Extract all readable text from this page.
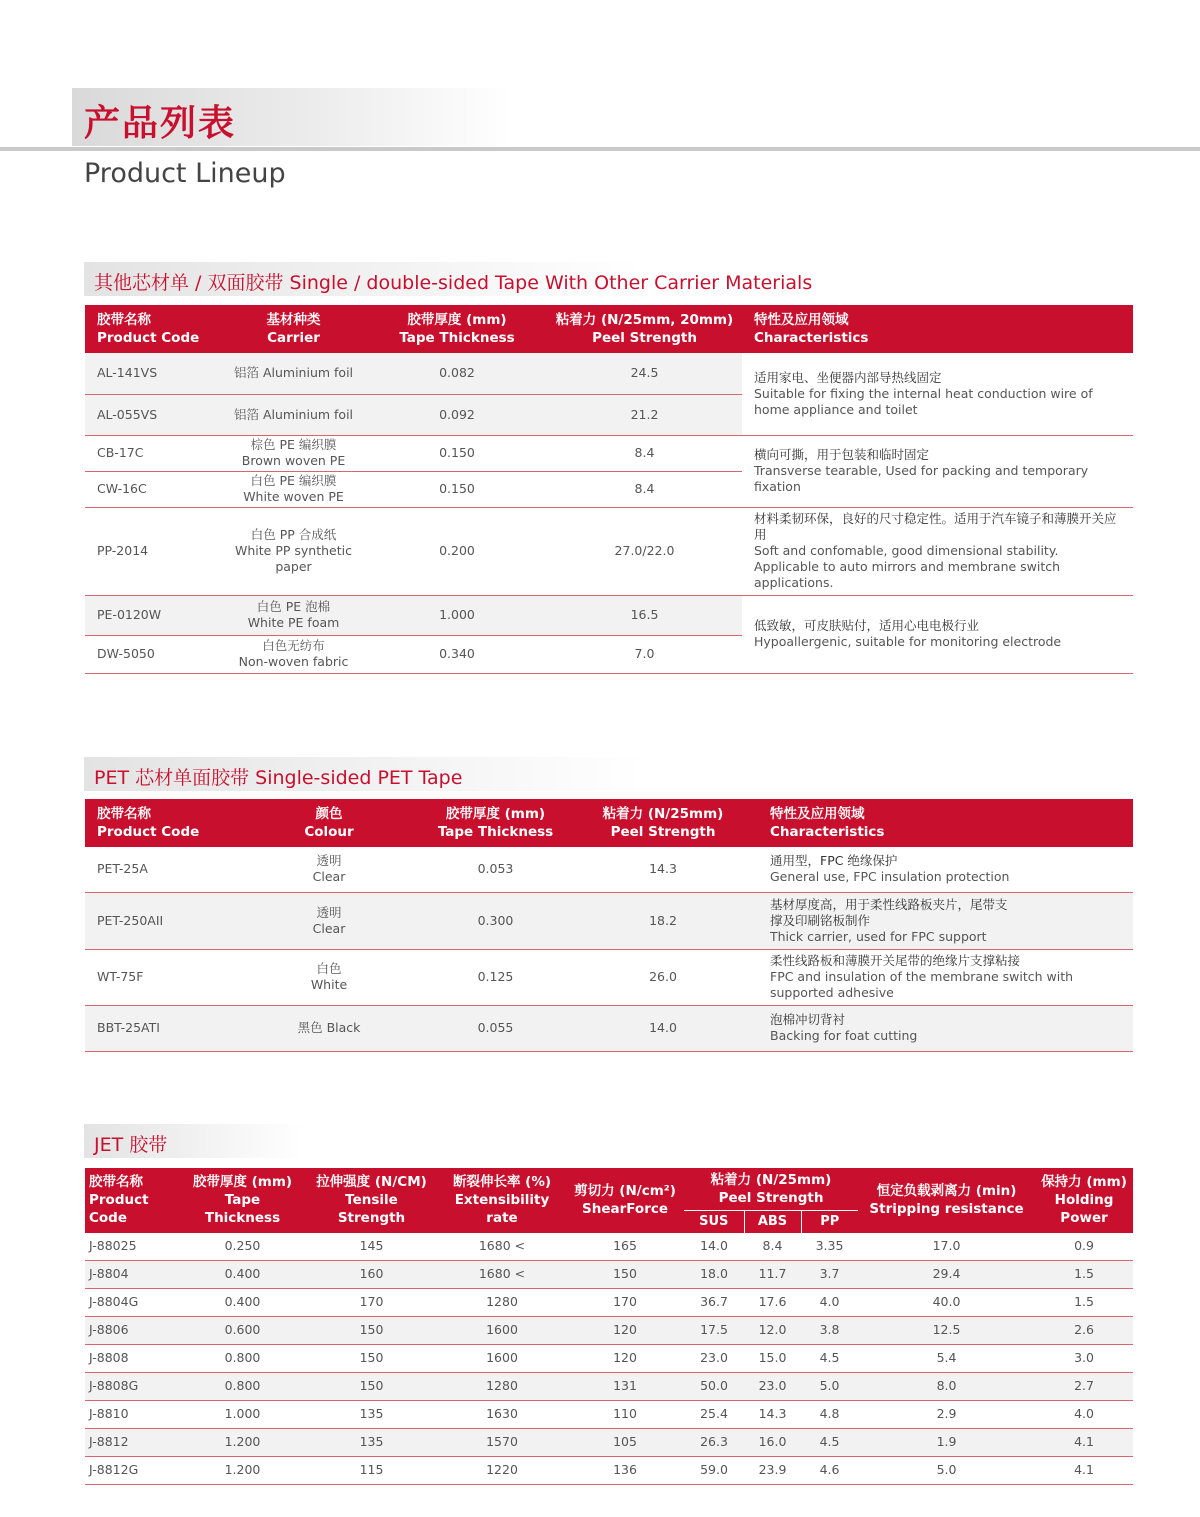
产品列表
Product Lineup
其他芯材单 / 双面胶带 Single / double-sided Tape With Other Carrier Materials
胶带名称
Product Code	基材种类
Carrier	胶带厚度 (mm)
Tape Thickness	粘着力 (N/25mm, 20mm)
Peel Strength	特性及应用领域
Characteristics

AL-141VS	铝箔 Aluminium foil	0.082	24.5	适用家电、坐便器内部导热线固定
Suitable for fixing the internal heat conduction wire of home appliance and toilet

AL-055VS	铝箔 Aluminium foil	0.092	21.2	
CB-17C	棕色 PE 编织膜
Brown woven PE	0.150	8.4	横向可撕，用于包装和临时固定
Transverse tearable, Used for packing and temporary fixation

CW-16C	白色 PE 编织膜
White woven PE	0.150	8.4	
PP-2014	白色 PP 合成纸
White PP synthetic paper	0.200	27.0/22.0	材料柔韧环保，良好的尺寸稳定性。适用于汽车镜子和薄膜开关应用
Soft and confomable, good dimensional stability. Applicable to auto mirrors and membrane switch applications.

PE-0120W	白色 PE 泡棉
White PE foam	1.000	16.5	低致敏，可皮肤贴付，适用心电电极行业
Hypoallergenic, suitable for monitoring electrode

DW-5050	白色无纺布
Non-woven fabric	0.340	7.0	
PET 芯材单面胶带 Single-sided PET Tape
胶带名称
Product Code	颜色
Colour	胶带厚度 (mm)
Tape Thickness	粘着力 (N/25mm)
Peel Strength	特性及应用领域
Characteristics

PET-25A	透明
Clear	0.053	14.3	通用型，FPC 绝缘保护
General use, FPC insulation protection

PET-250AII	透明
Clear	0.300	18.2	基材厚度高，用于柔性线路板夹片，尾带支撑及印刷铭板制作
Thick carrier, used for FPC support

WT-75F	白色
White	0.125	26.0	柔性线路板和薄膜开关尾带的绝缘片支撑粘接
FPC and insulation of the membrane switch with supported adhesive

BBT-25ATI	黑色 Black	0.055	14.0	泡棉冲切背衬
Backing for foat cutting
JET 胶带
胶带名称
Product
Code	胶带厚度 (mm)
Tape
Thickness	拉伸强度 (N/CM)
Tensile
Strength	断裂伸长率 (%)
Extensibility
rate	剪切力 (N/cm²)
ShearForce	粘着力 (N/25mm)
Peel Strength			恒定负载剥离力 (min)
Stripping resistance	保持力 (mm)
Holding
Power

					SUS	ABS	PP		
J-88025	0.250	145	1680 <	165	14.0	8.4	3.35	17.0	0.9
J-8804	0.400	160	1680 <	150	18.0	11.7	3.7	29.4	1.5
J-8804G	0.400	170	1280	170	36.7	17.6	4.0	40.0	1.5
J-8806	0.600	150	1600	120	17.5	12.0	3.8	12.5	2.6
J-8808	0.800	150	1600	120	23.0	15.0	4.5	5.4	3.0
J-8808G	0.800	150	1280	131	50.0	23.0	5.0	8.0	2.7
J-8810	1.000	135	1630	110	25.4	14.3	4.8	2.9	4.0
J-8812	1.200	135	1570	105	26.3	16.0	4.5	1.9	4.1
J-8812G	1.200	115	1220	136	59.0	23.9	4.6	5.0	4.1
